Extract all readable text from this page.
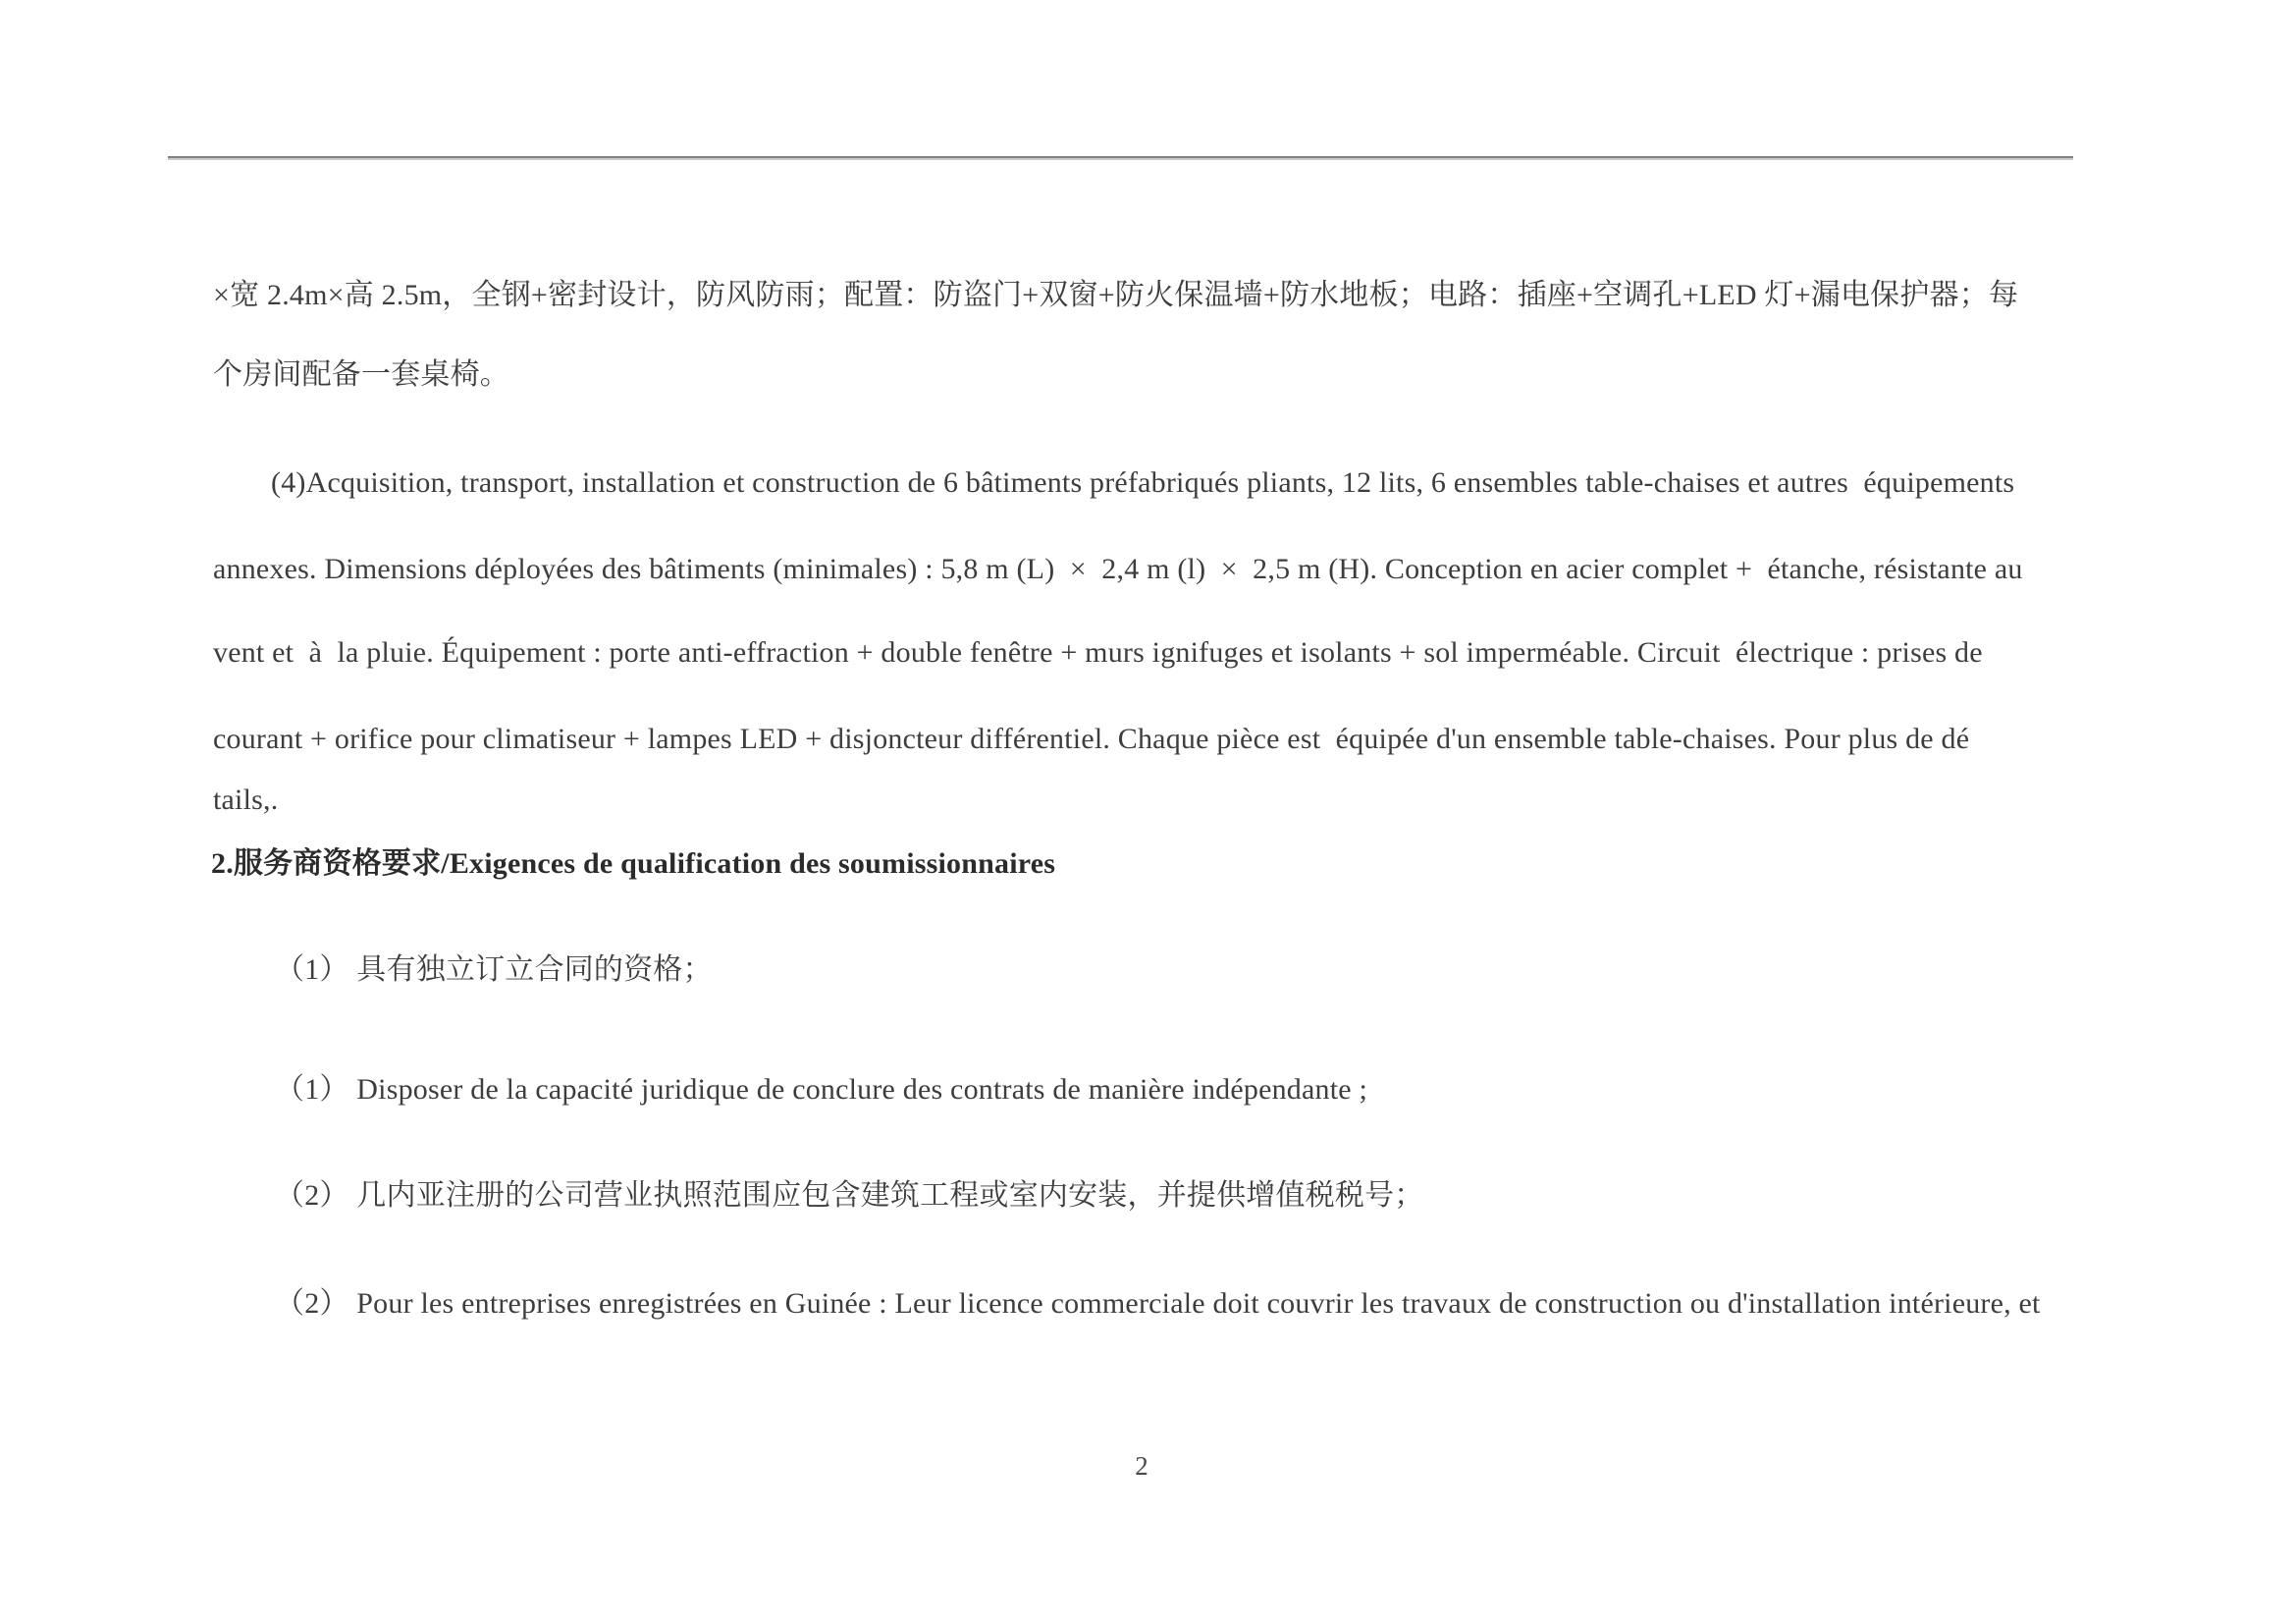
×宽 2.4m×高 2.5m，全钢+密封设计，防风防雨；配置：防盗门+双窗+防火保温墙+防水地板；电路：插座+空调孔+LED 灯+漏电保护器；每
个房间配备一套桌椅。
(4)Acquisition, transport, installation et construction de 6 bâtiments préfabriqués pliants, 12 lits, 6 ensembles table-chaises et autres  équipements
annexes. Dimensions déployées des bâtiments (minimales) : 5,8 m (L)  ×  2,4 m (l)  ×  2,5 m (H). Conception en acier complet +  étanche, résistante au
vent et  à  la pluie. Équipement : porte anti-effraction + double fenêtre + murs ignifuges et isolants + sol imperméable. Circuit  électrique : prises de
courant + orifice pour climatiseur + lampes LED + disjoncteur différentiel. Chaque pièce est  équipée d'un ensemble table-chaises. Pour plus de dé
tails,.
2.服务商资格要求/Exigences de qualification des soumissionnaires
（1） 具有独立订立合同的资格；
（1） Disposer de la capacité juridique de conclure des contrats de manière indépendante ;
（2） 几内亚注册的公司营业执照范围应包含建筑工程或室内安装，并提供增值税税号；
（2） Pour les entreprises enregistrées en Guinée : Leur licence commerciale doit couvrir les travaux de construction ou d'installation intérieure, et
2
